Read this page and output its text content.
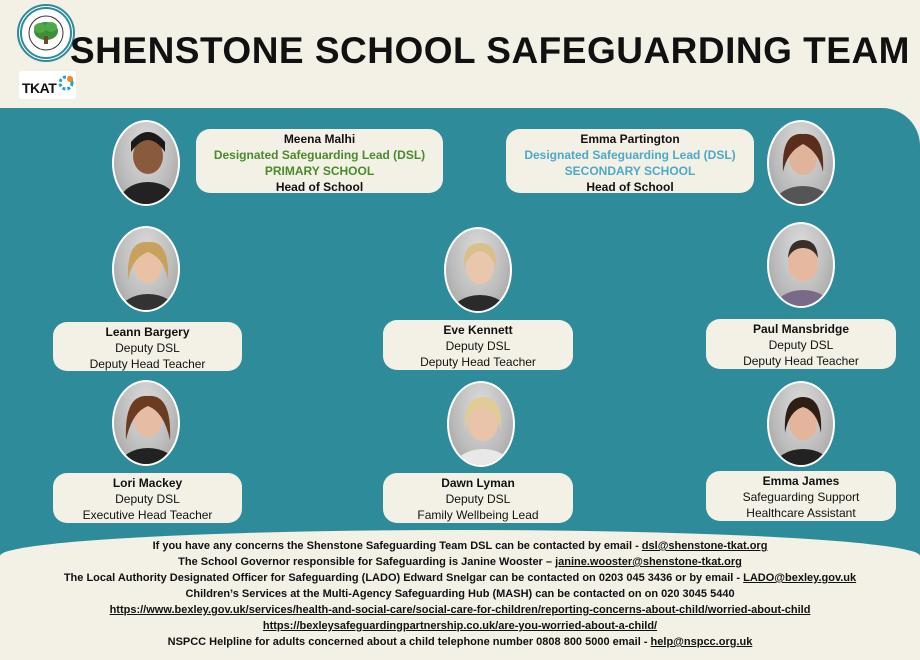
TKAT
SHENSTONE SCHOOL SAFEGUARDING TEAM
Meena Malhi
Designated Safeguarding Lead (DSL)
PRIMARY SCHOOL
Head of School
Emma Partington
Designated Safeguarding Lead (DSL)
SECONDARY SCHOOL
Head of School
Leann Bargery
Deputy DSL
Deputy Head Teacher
Eve Kennett
Deputy DSL
Deputy Head Teacher
Paul Mansbridge
Deputy DSL
Deputy Head Teacher
Lori Mackey
Deputy DSL
Executive Head Teacher
Dawn Lyman
Deputy DSL
Family Wellbeing Lead
Emma James
Safeguarding Support
Healthcare Assistant
If you have any concerns the Shenstone Safeguarding Team DSL can be contacted by email - dsl@shenstone-tkat.org
The School Governor responsible for Safeguarding is Janine Wooster – janine.wooster@shenstone-tkat.org
The Local Authority Designated Officer for Safeguarding (LADO) Edward Snelgar can be contacted on 0203 045 3436 or by email - LADO@bexley.gov.uk
Children’s Services at the Multi-Agency Safeguarding Hub (MASH) can be contacted on on 020 3045 5440
https://www.bexley.gov.uk/services/health-and-social-care/social-care-for-children/reporting-concerns-about-child/worried-about-child
https://bexleysafeguardingpartnership.co.uk/are-you-worried-about-a-child/
NSPCC Helpline for adults concerned about a child telephone number 0808 800 5000 email - help@nspcc.org.uk
